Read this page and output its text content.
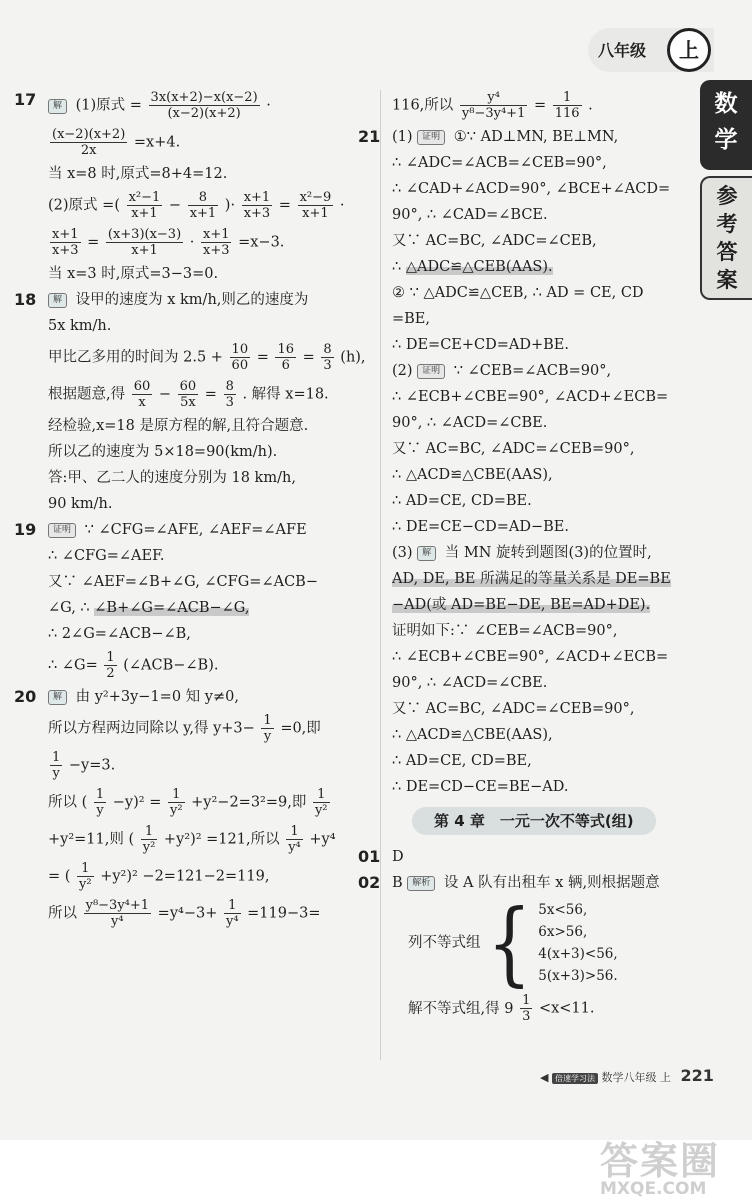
八年级	上
数学
参考答案
17 解 (1)原式 = $\frac{3x(x+2)-x(x-2)}{(x-2)(x+2)}$ ·
$\frac{(x-2)(x+2)}{2x} =x+4$.
当 x=8 时,原式=8+4=12.
(2)原式 =( $\frac{\text{x²−1}}{x+1} - \frac{8}{x+1}$ )· $\frac{x+1}{x+3} = \frac{\text{x²−9}}{x+1}$ ·
$\frac{x+1}{x+3} = \frac{(x+3)(x-3)}{x+1} \cdot \frac{x+1}{x+3} =x-3$.
当 x=3 时,原式=3−3=0.
18 解 设甲的速度为 x km/h,则乙的速度为
5x km/h.
甲比乙多用的时间为 $2.5 + \frac{10}{60} = \frac{16}{6} = \frac{8}{3} (h)$,
根据题意,得 $\frac{60}{x} - \frac{60}{5x} = \frac{8}{3}$ . 解得 x=18.
经检验,x=18 是原方程的解,且符合题意.
所以乙的速度为 5×18=90(km/h).
答:甲、乙二人的速度分别为 18 km/h,
90 km/h.
19 证明 ∵ ∠CFG=∠AFE, ∠AEF=∠AFE
∴ ∠CFG=∠AEF.
又∵ ∠AEF=∠B+∠G, ∠CFG=∠ACB−
∠G, ∴ ∠B+∠G=∠ACB−∠G,
∴ 2∠G=∠ACB−∠B,
∴ ∠G= $\frac{1}{2}$ (∠ACB−∠B).
20 解 由 y²+3y−1=0 知 y≠0,
所以方程两边同除以 y,得 $y+3- \frac{1}{y} =0$,即
$\frac{1}{y} -y=3$.
所以 ( $\frac{1}{y} -y)^2 = \frac{1}{\text{y²}} +y^2-2=3^2=9$,即 $\frac{1}{\text{y²}}$
+y²=11,则 ( $\frac{1}{\text{y²}} +y^2)^2 =121$,所以 $\frac{1}{\text{y⁴}} +y^4$
= ( $\frac{1}{\text{y²}} +y^2)^2 -2=121-2=119$,
所以 $\frac{\text{y⁸−3y⁴+1}}{\text{y⁴}} =y^4-3+ \frac{1}{\text{y⁴}} =119-3=$
116,所以 $\frac{\text{y⁴}}{\text{y⁸−3y⁴+1}} = \frac{1}{116}$ .
21 (1) 证明 ①∵ AD⊥MN, BE⊥MN,
∴ ∠ADC=∠ACB=∠CEB=90°,
∴ ∠CAD+∠ACD=90°, ∠BCE+∠ACD=
90°, ∴ ∠CAD=∠BCE.
又∵ AC=BC, ∠ADC=∠CEB,
∴ △ADC≌△CEB(AAS).
② ∵ △ADC≌△CEB, ∴ AD = CE, CD
=BE,
∴ DE=CE+CD=AD+BE.
(2) 证明 ∵ ∠CEB=∠ACB=90°,
∴ ∠ECB+∠CBE=90°, ∠ACD+∠ECB=
90°, ∴ ∠ACD=∠CBE.
又∵ AC=BC, ∠ADC=∠CEB=90°,
∴ △ACD≌△CBE(AAS),
∴ AD=CE, CD=BE.
∴ DE=CE−CD=AD−BE.
(3) 解 当 MN 旋转到题图(3)的位置时,
AD, DE, BE 所满足的等量关系是 DE=BE
−AD(或 AD=BE−DE, BE=AD+DE).
证明如下:∵ ∠CEB=∠ACB=90°,
∴ ∠ECB+∠CBE=90°, ∠ACD+∠ECB=
90°, ∴ ∠ACD=∠CBE.
又∵ AC=BC, ∠ADC=∠CEB=90°,
∴ △ACD≌△CBE(AAS),
∴ AD=CE, CD=BE,
∴ DE=CD−CE=BE−AD.
第 4 章　一元一次不等式(组)
01 D
02 B 解析 设 A 队有出租车 x 辆,则根据题意
列不等式组 { 5x<56,
6x>56,
4(x+3)<56,
5(x+3)>56.
解不等式组,得 $9 \frac{1}{3} <x<11$.
◀ 倍速学习法 数学八年级 上 221
答案圈
MXQE.COM
